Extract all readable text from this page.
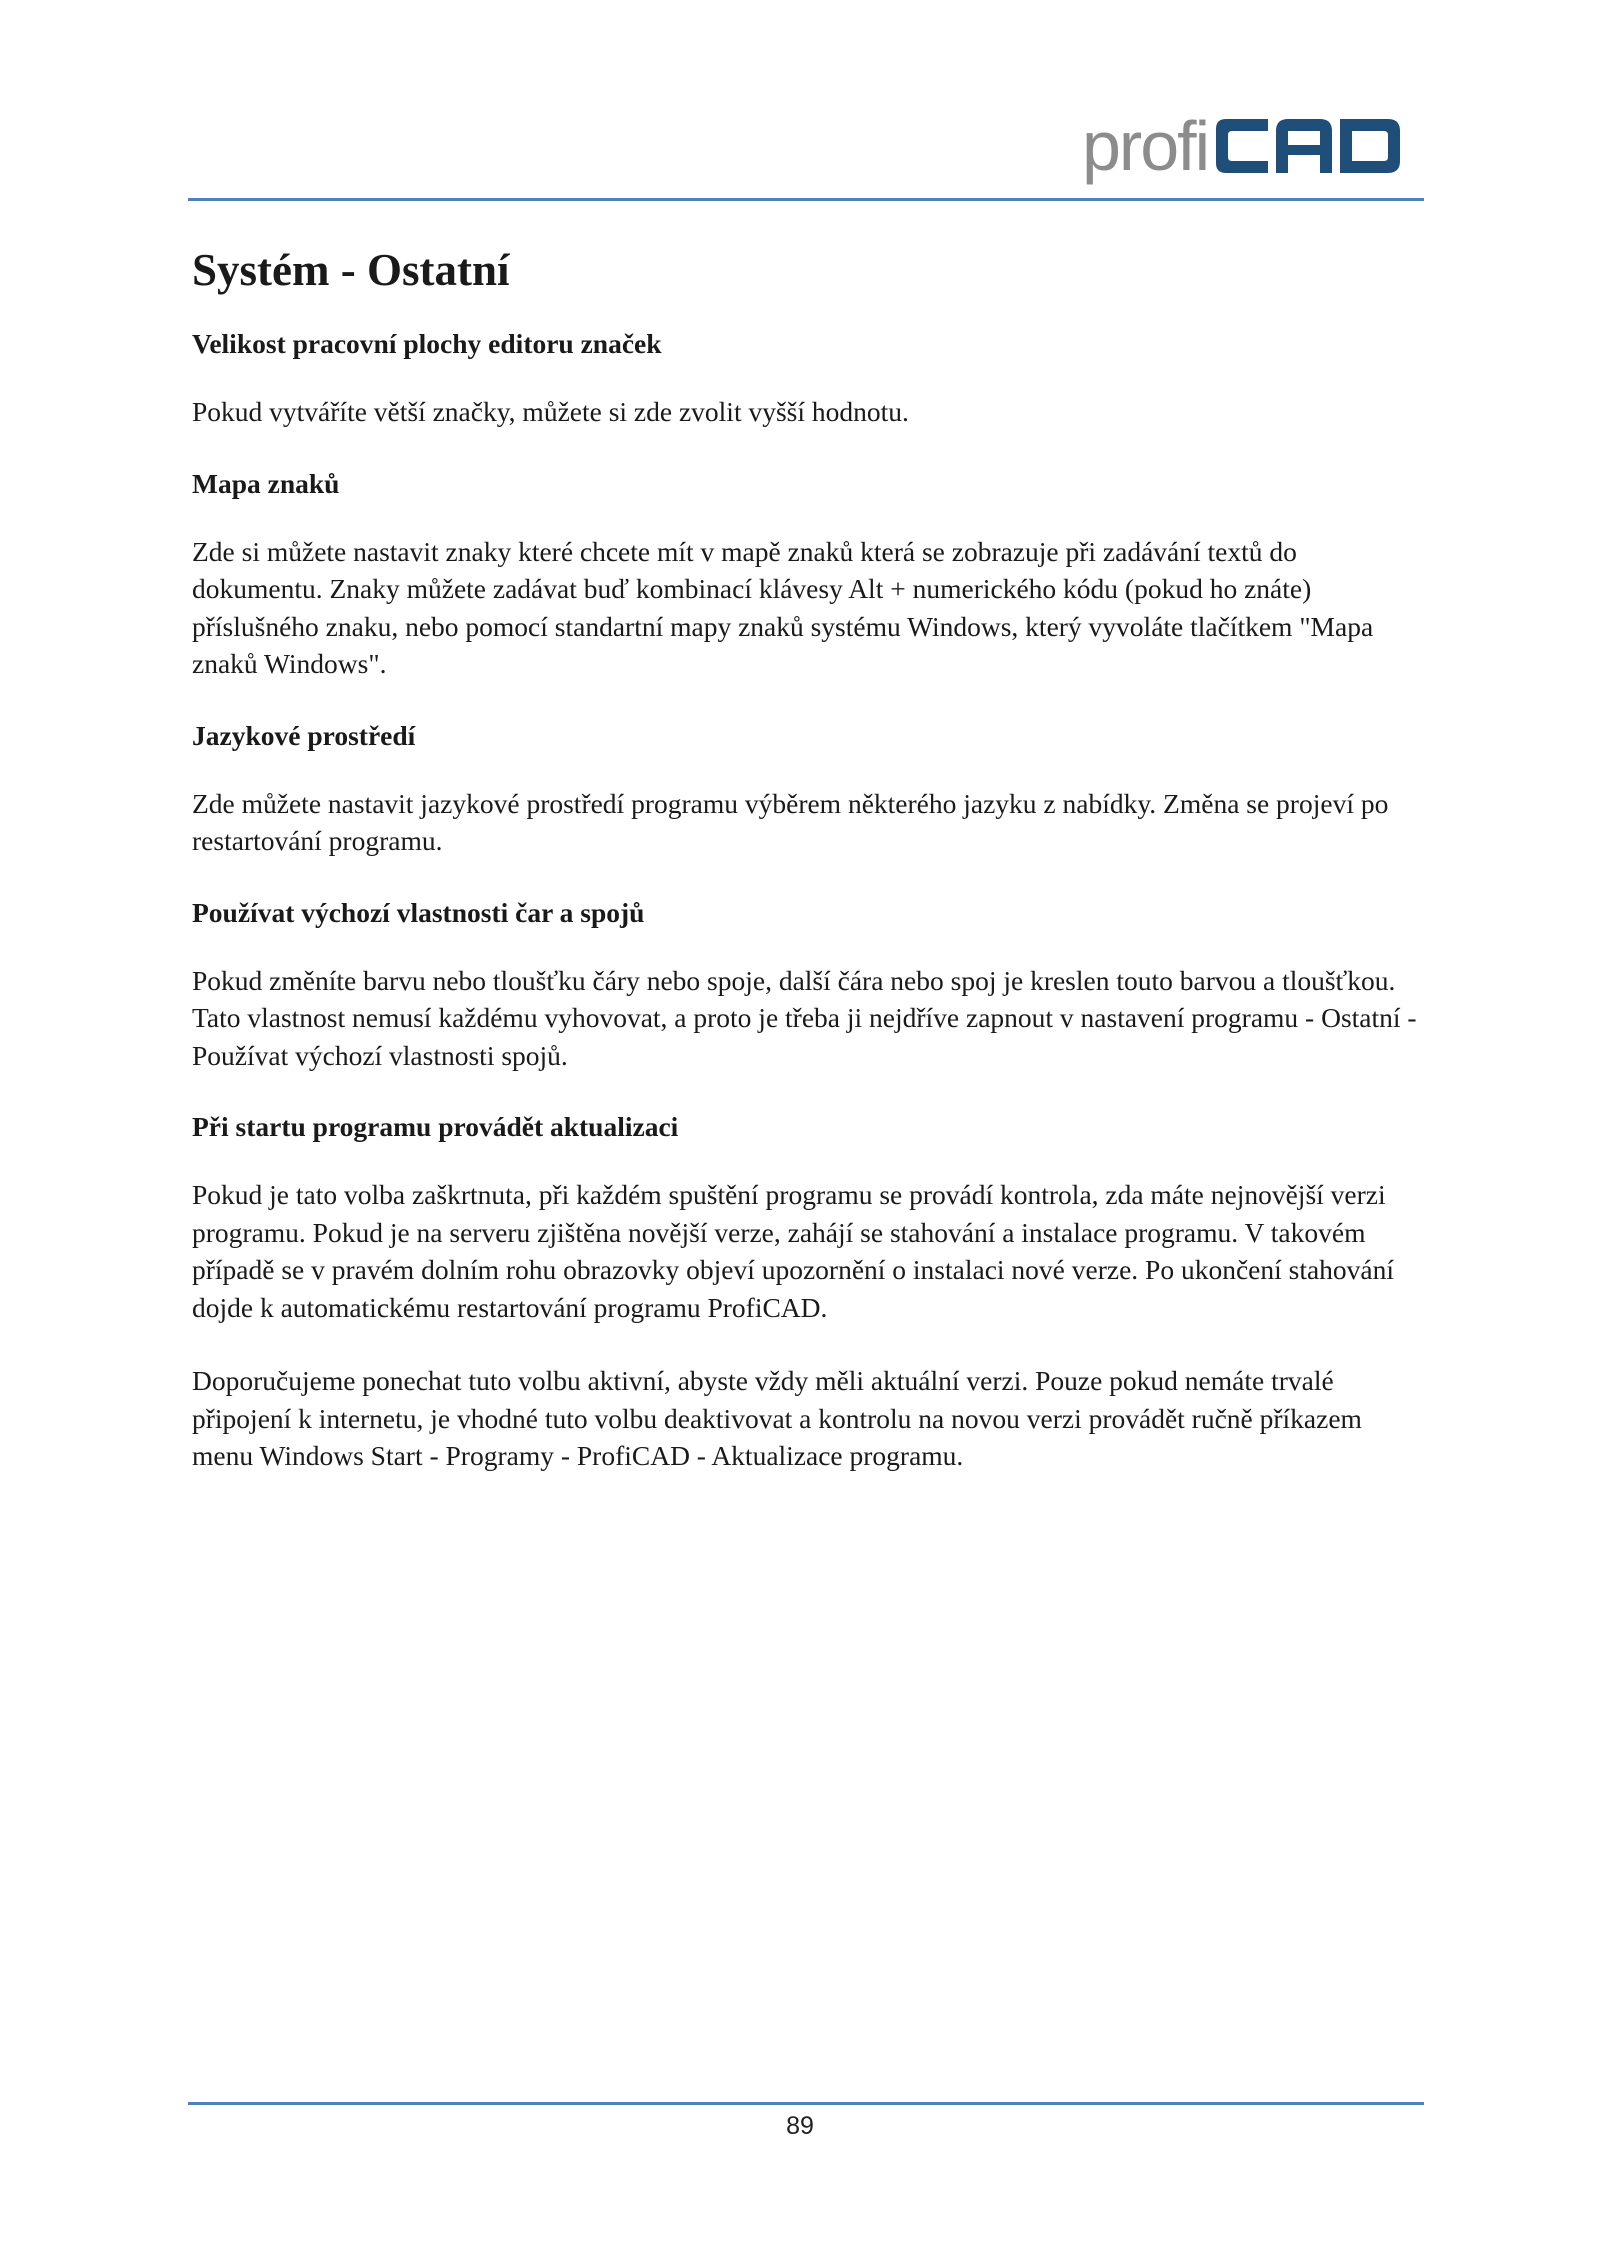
profi
Systém - Ostatní
Velikost pracovní plochy editoru značek

Pokud vytváříte větší značky, můžete si zde zvolit vyšší hodnotu.

Mapa znaků

Zde si můžete nastavit znaky které chcete mít v mapě znaků která se zobrazuje při zadávání textů do dokumentu. Znaky můžete zadávat buď kombinací klávesy Alt + numerického kódu (pokud ho znáte) příslušného znaku, nebo pomocí standartní mapy znaků systému Windows, který vyvoláte tlačítkem "Mapa znaků Windows".

Jazykové prostředí

Zde můžete nastavit jazykové prostředí programu výběrem některého jazyku z nabídky. Změna se projeví po restartování programu.

Používat výchozí vlastnosti čar a spojů

Pokud změníte barvu nebo tloušťku čáry nebo spoje, další čára nebo spoj je kreslen touto barvou a tloušťkou. Tato vlastnost nemusí každému vyhovovat, a proto je třeba ji nejdříve zapnout v nastavení programu - Ostatní - Používat výchozí vlastnosti spojů.

Při startu programu provádět aktualizaci

Pokud je tato volba zaškrtnuta, při každém spuštění programu se provádí kontrola, zda máte nejnovější verzi programu. Pokud je na serveru zjištěna novější verze, zahájí se stahování a instalace programu. V takovém případě se v pravém dolním rohu obrazovky objeví upozornění o instalaci nové verze. Po ukončení stahování dojde k automatickému restartování programu ProfiCAD.

Doporučujeme ponechat tuto volbu aktivní, abyste vždy měli aktuální verzi. Pouze pokud nemáte trvalé připojení k internetu, je vhodné tuto volbu deaktivovat a kontrolu na novou verzi provádět ručně příkazem menu Windows Start - Programy - ProfiCAD - Aktualizace programu.

89
